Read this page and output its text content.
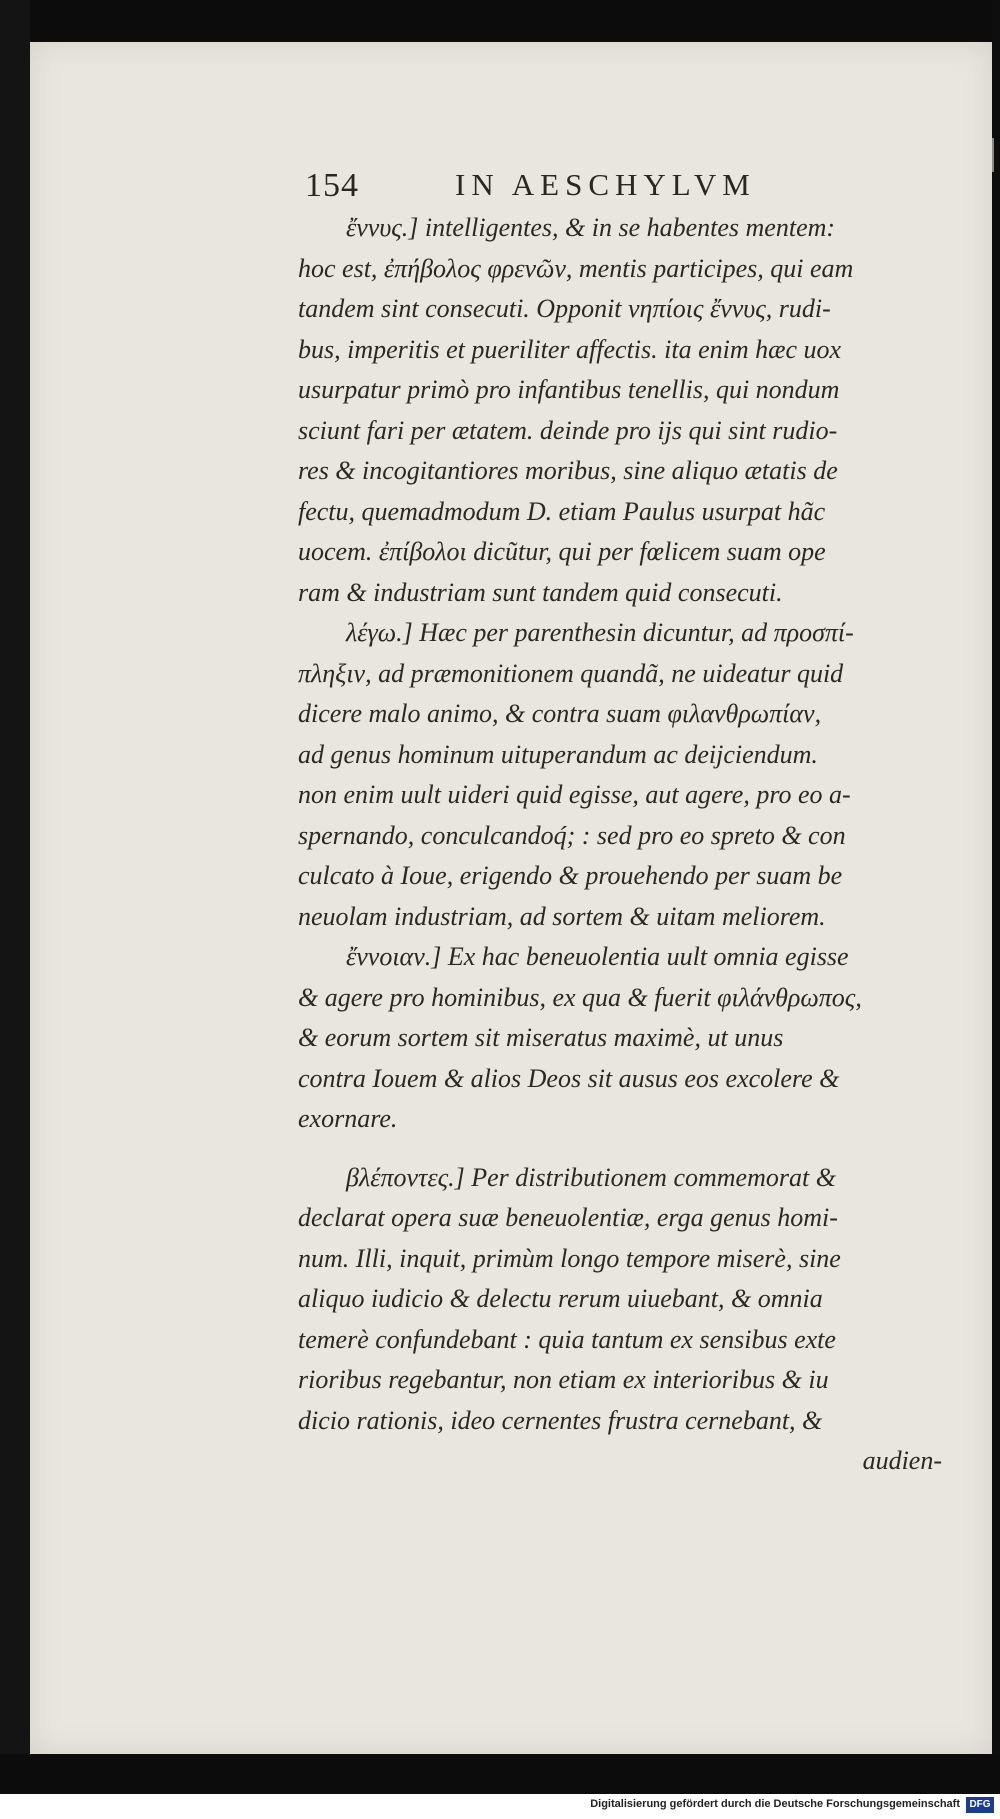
154	IN AESCHYLVM
ἔννυς.] intelligentes, & in se habentes mentem:
hoc est, ἐπήβολος φρενῶν, mentis participes, qui eam
tandem sint consecuti. Opponit νηπίοις ἔννυς, rudi-
bus, imperitis et pueriliter affectis. ita enim hæc uox
usurpatur primò pro infantibus tenellis, qui nondum
sciunt fari per ætatem. deinde pro ijs qui sint rudio-
res & incogitantiores moribus, sine aliquo ætatis de
fectu, quemadmodum D. etiam Paulus usurpat hãc
uocem. ἐπίβολοι dicũtur, qui per fœlicem suam ope
ram & industriam sunt tandem quid consecuti.
λέγω.] Hæc per parenthesin dicuntur, ad προσπί-
πληξιν, ad præmonitionem quandã, ne uideatur quid
dicere malo animo, & contra suam φιλανθρωπίαν,
ad genus hominum uituperandum ac deijciendum.
non enim uult uideri quid egisse, aut agere, pro eo a-
spernando, conculcandoq́; : sed pro eo spreto & con
culcato à Ioue, erigendo & prouehendo per suam be
neuolam industriam, ad sortem & uitam meliorem.
ἔννοιαν.] Ex hac beneuolentia uult omnia egisse
& agere pro hominibus, ex qua & fuerit φιλάνθρωπος,
& eorum sortem sit miseratus maximè, ut unus
contra Iouem & alios Deos sit ausus eos excolere &
exornare.
βλέποντες.] Per distributionem commemorat &
declarat opera suæ beneuolentiæ, erga genus homi-
num. Illi, inquit, primùm longo tempore miserè, sine
aliquo iudicio & delectu rerum uiuebant, & omnia
temerè confundebant : quia tantum ex sensibus exte
rioribus regebantur, non etiam ex interioribus & iu
dicio rationis, ideo cernentes frustra cernebant, &
audien-
Digitalisierung gefördert durch die Deutsche Forschungsgemeinschaft DFG
